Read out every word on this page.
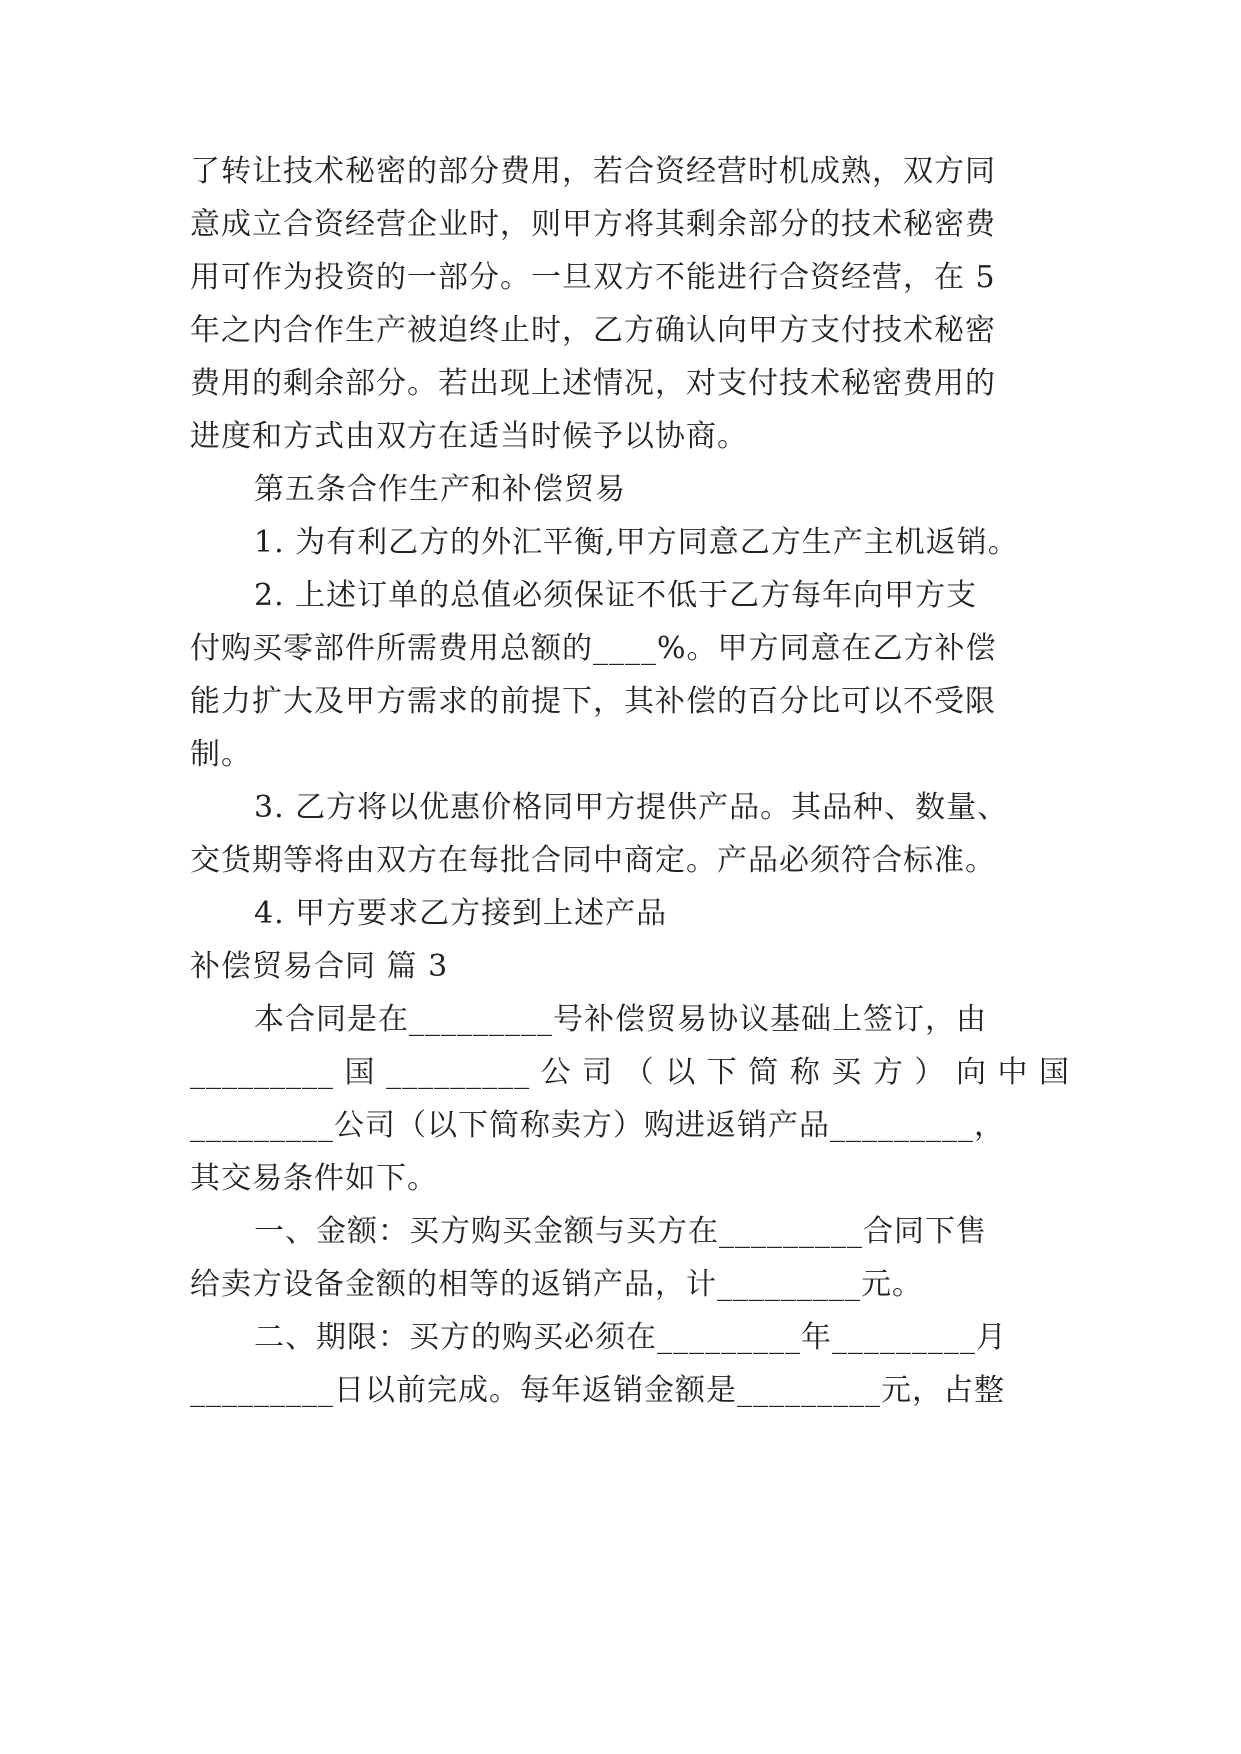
了转让技术秘密的部分费用，若合资经营时机成熟，双方同
意成立合资经营企业时，则甲方将其剩余部分的技术秘密费
用可作为投资的一部分。一旦双方不能进行合资经营，在 5
年之内合作生产被迫终止时，乙方确认向甲方支付技术秘密
费用的剩余部分。若出现上述情况，对支付技术秘密费用的
进度和方式由双方在适当时候予以协商。
第五条合作生产和补偿贸易
1. 为有利乙方的外汇平衡,甲方同意乙方生产主机返销。
2. 上述订单的总值必须保证不低于乙方每年向甲方支
付购买零部件所需费用总额的____%。甲方同意在乙方补偿
能力扩大及甲方需求的前提下，其补偿的百分比可以不受限
制。
3. 乙方将以优惠价格同甲方提供产品。其品种、数量、
交货期等将由双方在每批合同中商定。产品必须符合标准。
4. 甲方要求乙方接到上述产品
补偿贸易合同 篇 3
本合同是在_________号补偿贸易协议基础上签订，由
_________ 国 _________ 公 司 （ 以 下 简 称 买 方 ） 向 中 国
_________公司（以下简称卖方）购进返销产品_________，
其交易条件如下。
一、金额：买方购买金额与买方在_________合同下售
给卖方设备金额的相等的返销产品，计_________元。
二、期限：买方的购买必须在_________年_________月
_________日以前完成。每年返销金额是_________元，占整
